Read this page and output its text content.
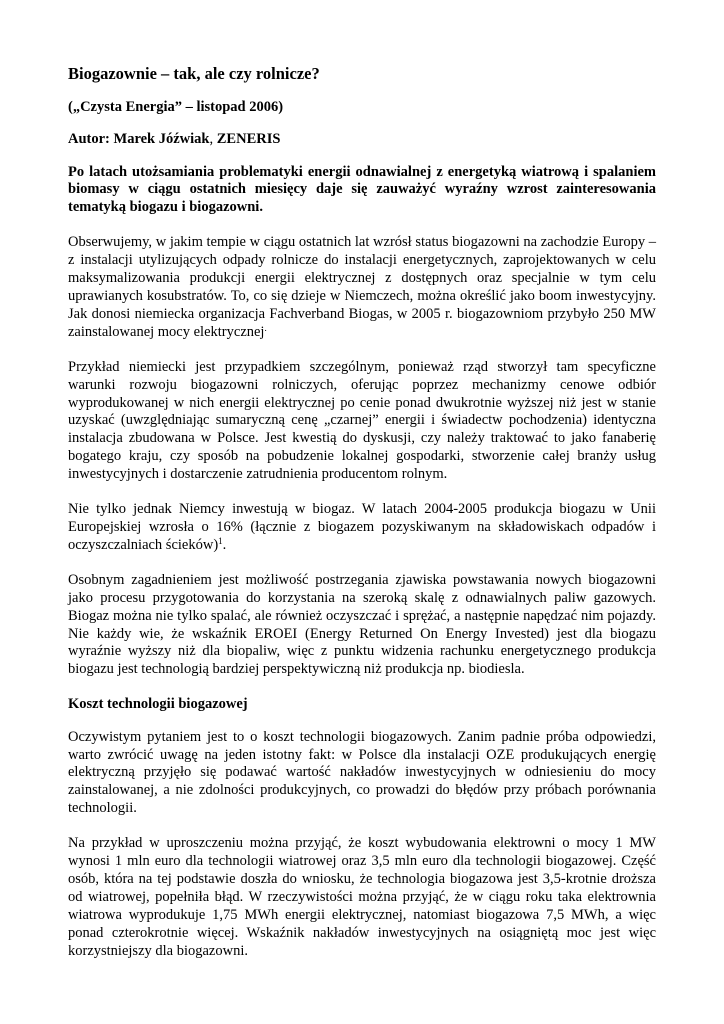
Biogazownie – tak, ale czy rolnicze?
(„Czysta Energia” – listopad 2006)
Autor: Marek Jóźwiak, ZENERIS

Po latach utożsamiania problematyki energii odnawialnej z energetyką wiatrową i spalaniem biomasy w ciągu ostatnich miesięcy daje się zauważyć wyraźny wzrost zainteresowania tematyką biogazu i biogazowni.

Obserwujemy, w jakim tempie w ciągu ostatnich lat wzrósł status biogazowni na zachodzie Europy – z instalacji utylizujących odpady rolnicze do instalacji energetycznych, zaprojektowanych w celu maksymalizowania produkcji energii elektrycznej z dostępnych oraz specjalnie w tym celu uprawianych kosubstratów. To, co się dzieje w Niemczech, można określić jako boom inwestycyjny. Jak donosi niemiecka organizacja Fachverband Biogas, w 2005 r. biogazowniom przybyło 250 MW zainstalowanej mocy elektrycznej.

Przykład niemiecki jest przypadkiem szczególnym, ponieważ rząd stworzył tam specyficzne warunki rozwoju biogazowni rolniczych, oferując poprzez mechanizmy cenowe odbiór wyprodukowanej w nich energii elektrycznej po cenie ponad dwukrotnie wyższej niż jest w stanie uzyskać (uwzględniając sumaryczną cenę „czarnej” energii i świadectw pochodzenia) identyczna instalacja zbudowana w Polsce. Jest kwestią do dyskusji, czy należy traktować to jako fanaberię bogatego kraju, czy sposób na pobudzenie lokalnej gospodarki, stworzenie całej branży usług inwestycyjnych i dostarczenie zatrudnienia producentom rolnym.

Nie tylko jednak Niemcy inwestują w biogaz. W latach 2004-2005 produkcja biogazu w Unii Europejskiej wzrosła o 16% (łącznie z biogazem pozyskiwanym na składowiskach odpadów i oczyszczalniach ścieków)$^1$.

Osobnym zagadnieniem jest możliwość postrzegania zjawiska powstawania nowych biogazowni jako procesu przygotowania do korzystania na szeroką skalę z odnawialnych paliw gazowych. Biogaz można nie tylko spalać, ale również oczyszczać i sprężać, a następnie napędzać nim pojazdy. Nie każdy wie, że wskaźnik EROEI (Energy Returned On Energy Invested) jest dla biogazu wyraźnie wyższy niż dla biopaliw, więc z punktu widzenia rachunku energetycznego produkcja biogazu jest technologią bardziej perspektywiczną niż produkcja np. biodiesla.

Koszt technologii biogazowej

Oczywistym pytaniem jest to o koszt technologii biogazowych. Zanim padnie próba odpowiedzi, warto zwrócić uwagę na jeden istotny fakt: w Polsce dla instalacji OZE produkujących energię elektryczną przyjęło się podawać wartość nakładów inwestycyjnych w odniesieniu do mocy zainstalowanej, a nie zdolności produkcyjnych, co prowadzi do błędów przy próbach porównania technologii.

Na przykład w uproszczeniu można przyjąć, że koszt wybudowania elektrowni o mocy 1 MW wynosi 1 mln euro dla technologii wiatrowej oraz 3,5 mln euro dla technologii biogazowej. Część osób, która na tej podstawie doszła do wniosku, że technologia biogazowa jest 3,5-krotnie droższa od wiatrowej, popełniła błąd. W rzeczywistości można przyjąć, że w ciągu roku taka elektrownia wiatrowa wyprodukuje 1,75 MWh energii elektrycznej, natomiast biogazowa 7,5 MWh, a więc ponad czterokrotnie więcej. Wskaźnik nakładów inwestycyjnych na osiągniętą moc jest więc korzystniejszy dla biogazowni.
